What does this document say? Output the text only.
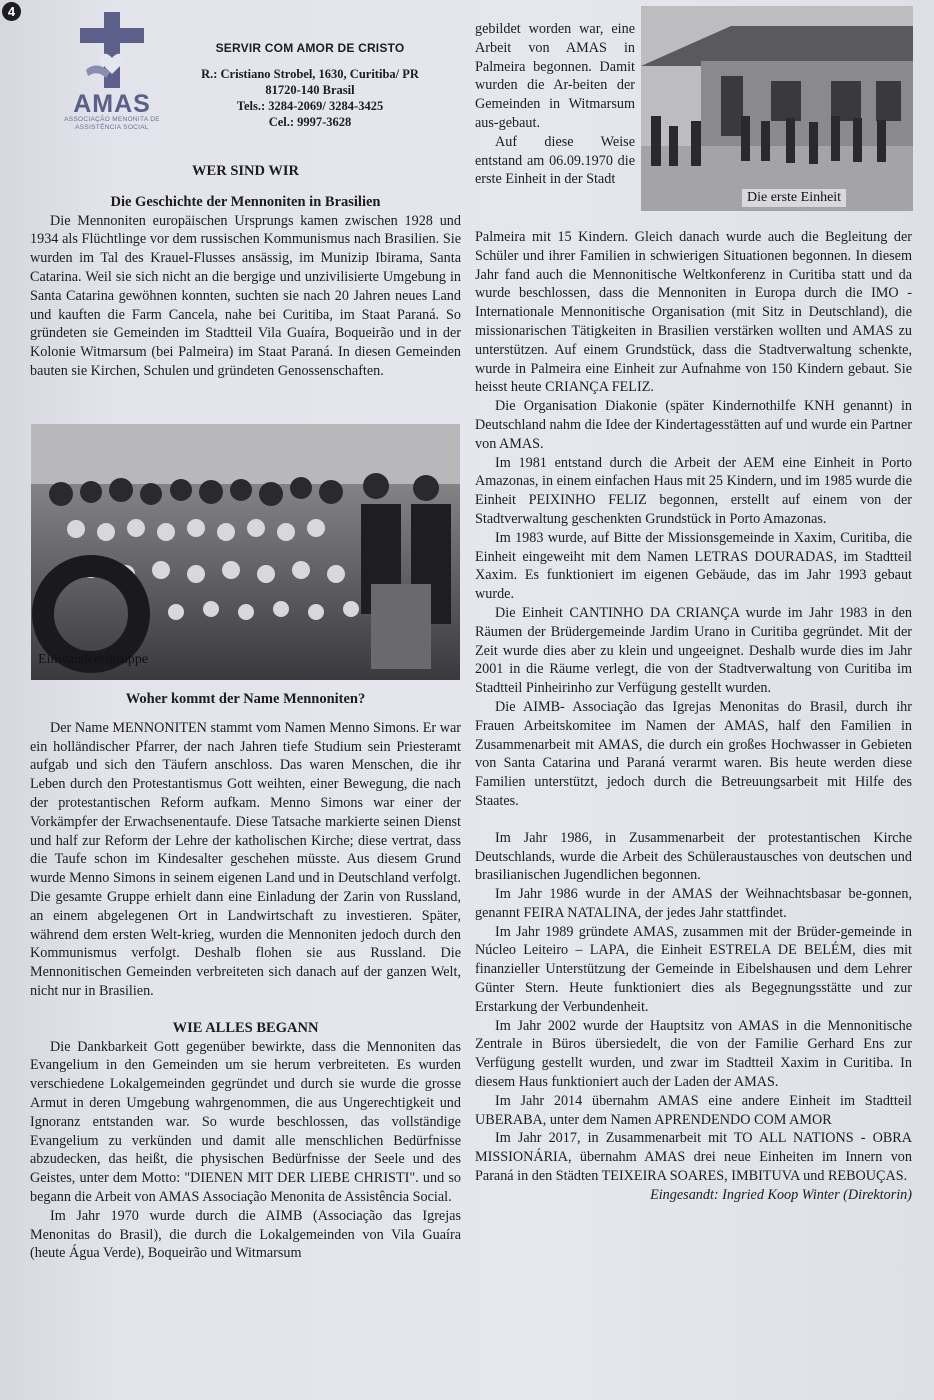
4
AMAS
ASSOCIAÇÃO MENONITA DE ASSISTÊNCIA SOCIAL
SERVIR COM AMOR DE CRISTO
R.: Cristiano Strobel, 1630, Curitiba/ PR
81720-140 Brasil
Tels.: 3284-2069/ 3284-3425
Cel.: 9997-3628
WER SIND WIR
Die Geschichte der Mennoniten in Brasilien

Die Mennoniten europäischen Ursprungs kamen zwischen 1928 und 1934 als Flüchtlinge vor dem russischen Kommunismus nach Brasilien. Sie wurden im Tal des Krauel-Flusses ansässig, im Munizip Ibirama, Santa Catarina. Weil sie sich nicht an die bergige und unzivilisierte Umgebung in Santa Catarina gewöhnen konnten, suchten sie nach 20 Jahren neues Land und kauften die Farm Cancela, nahe bei Curitiba, im Staat Paraná. So gründeten sie Gemeinden im Stadtteil Vila Guaíra, Boqueirão und in der Kolonie Witmarsum (bei Palmeira) im Staat Paraná. In diesen Gemeinden bauten sie Kirchen, Schulen und gründeten Genossenschaften.

Einwanderergruppe
Woher kommt der Name Mennoniten?

Der Name MENNONITEN stammt vom Namen Menno Simons. Er war ein holländischer Pfarrer, der nach Jahren tiefe Studium sein Priesteramt aufgab und sich den Täufern anschloss. Das waren Menschen, die ihr Leben durch den Protestantismus Gott weihten, einer Bewegung, die nach der protestantischen Reform aufkam. Menno Simons war einer der Vorkämpfer der Erwachsenentaufe. Diese Tatsache markierte seinen Dienst und half zur Reform der Lehre der katholischen Kirche; diese vertrat, dass die Taufe schon im Kindesalter geschehen müsste. Aus diesem Grund wurde Menno Simons in seinem eigenen Land und in Deutschland verfolgt. Die gesamte Gruppe erhielt dann eine Einladung der Zarin von Russland, an einem abgelegenen Ort in Landwirtschaft zu investieren. Später, während dem ersten Welt-krieg, wurden die Mennoniten jedoch durch den Kommunismus verfolgt. Deshalb flohen sie aus Russland. Die Mennonitischen Gemeinden verbreiteten sich danach auf der ganzen Welt, nicht nur in Brasilien.

WIE ALLES BEGANN

Die Dankbarkeit Gott gegenüber bewirkte, dass die Mennoniten das Evangelium in den Gemeinden um sie herum verbreiteten. Es wurden verschiedene Lokalgemeinden gegründet und durch sie wurde die grosse Armut in deren Umgebung wahrgenommen, die aus Ungerechtigkeit und Ignoranz entstanden war. So wurde beschlossen, das vollständige Evangelium zu verkünden und damit alle menschlichen Bedürfnisse abzudecken, das heißt, die physischen Bedürfnisse der Seele und des Geistes, unter dem Motto: "DIENEN MIT DER LIEBE CHRISTI". und so begann die Arbeit von AMAS Associação Menonita de Assistência Social.

Im Jahr 1970 wurde durch die AIMB (Associação das Igrejas Menonitas do Brasil), die durch die Lokalgemeinden von Vila Guaíra (heute Água Verde), Boqueirão und Witmarsum

gebildet worden war, eine Arbeit von AMAS in Palmeira begonnen. Damit wurden die Ar-beiten der Gemeinden in Witmarsum aus-gebaut.

Auf diese Weise entstand am 06.09.1970 die erste Einheit in der Stadt

Die erste Einheit

Palmeira mit 15 Kindern. Gleich danach wurde auch die Begleitung der Schüler und ihrer Familien in schwierigen Situationen begonnen. In diesem Jahr fand auch die Mennonitische Weltkonferenz in Curitiba statt und da wurde beschlossen, dass die Mennoniten in Europa durch die IMO - Internationale Mennonitische Organisation (mit Sitz in Deutschland), die missionarischen Tätigkeiten in Brasilien verstärken wollten und AMAS zu unterstützen. Auf einem Grundstück, dass die Stadtverwaltung schenkte, wurde in Palmeira eine Einheit zur Aufnahme von 150 Kindern gebaut. Sie heisst heute CRIANÇA FELIZ.

Die Organisation Diakonie (später Kindernothilfe KNH genannt) in Deutschland nahm die Idee der Kindertagesstätten auf und wurde ein Partner von AMAS.

Im 1981 entstand durch die Arbeit der AEM eine Einheit in Porto Amazonas, in einem einfachen Haus mit 25 Kindern, und im 1985 wurde die Einheit PEIXINHO FELIZ begonnen, erstellt auf einem von der Stadtverwaltung geschenkten Grundstück in Porto Amazonas.

Im 1983 wurde, auf Bitte der Missionsgemeinde in Xaxim, Curitiba, die Einheit eingeweiht mit dem Namen LETRAS DOURADAS, im Stadtteil Xaxim. Es funktioniert im eigenen Gebäude, das im Jahr 1993 gebaut wurde.

Die Einheit CANTINHO DA CRIANÇA wurde im Jahr 1983 in den Räumen der Brüdergemeinde Jardim Urano in Curitiba gegründet. Mit der Zeit wurde dies aber zu klein und ungeeignet. Deshalb wurde dies im Jahr 2001 in die Räume verlegt, die von der Stadtverwaltung von Curitiba im Stadtteil Pinheirinho zur Verfügung gestellt wurden.

Die AIMB- Associação das Igrejas Menonitas do Brasil, durch ihr Frauen Arbeitskomitee im Namen der AMAS, half den Familien in Zusammenarbeit mit AMAS, die durch ein großes Hochwasser in Gebieten von Santa Catarina und Paraná verarmt waren. Bis heute werden diese Familien unterstützt, jedoch durch die Betreuungsarbeit mit Hilfe des Staates.

Im Jahr 1986, in Zusammenarbeit der protestantischen Kirche Deutschlands, wurde die Arbeit des Schüleraustausches von deutschen und brasilianischen Jugendlichen begonnen.

Im Jahr 1986 wurde in der AMAS der Weihnachtsbasar be-gonnen, genannt FEIRA NATALINA, der jedes Jahr stattfindet.

Im Jahr 1989 gründete AMAS, zusammen mit der Brüder-gemeinde in Núcleo Leiteiro – LAPA, die Einheit ESTRELA DE BELÉM, dies mit finanzieller Unterstützung der Gemeinde in Eibelshausen und dem Lehrer Günter Stern. Heute funktioniert dies als Begegnungsstätte und zur Erstarkung der Verbundenheit.

Im Jahr 2002 wurde der Hauptsitz von AMAS in die Mennonitische Zentrale in Büros übersiedelt, die von der Familie Gerhard Ens zur Verfügung gestellt wurden, und zwar im Stadtteil Xaxim in Curitiba. In diesem Haus funktioniert auch der Laden der AMAS.

Im Jahr 2014 übernahm AMAS eine andere Einheit im Stadtteil UBERABA, unter dem Namen APRENDENDO COM AMOR

Im Jahr 2017, in Zusammenarbeit mit TO ALL NATIONS - OBRA MISSIONÁRIA, übernahm AMAS drei neue Einheiten im Innern von Paraná in den Städten TEIXEIRA SOARES, IMBITUVA und REBOUÇAS.

Eingesandt: Ingried Koop Winter (Direktorin)
